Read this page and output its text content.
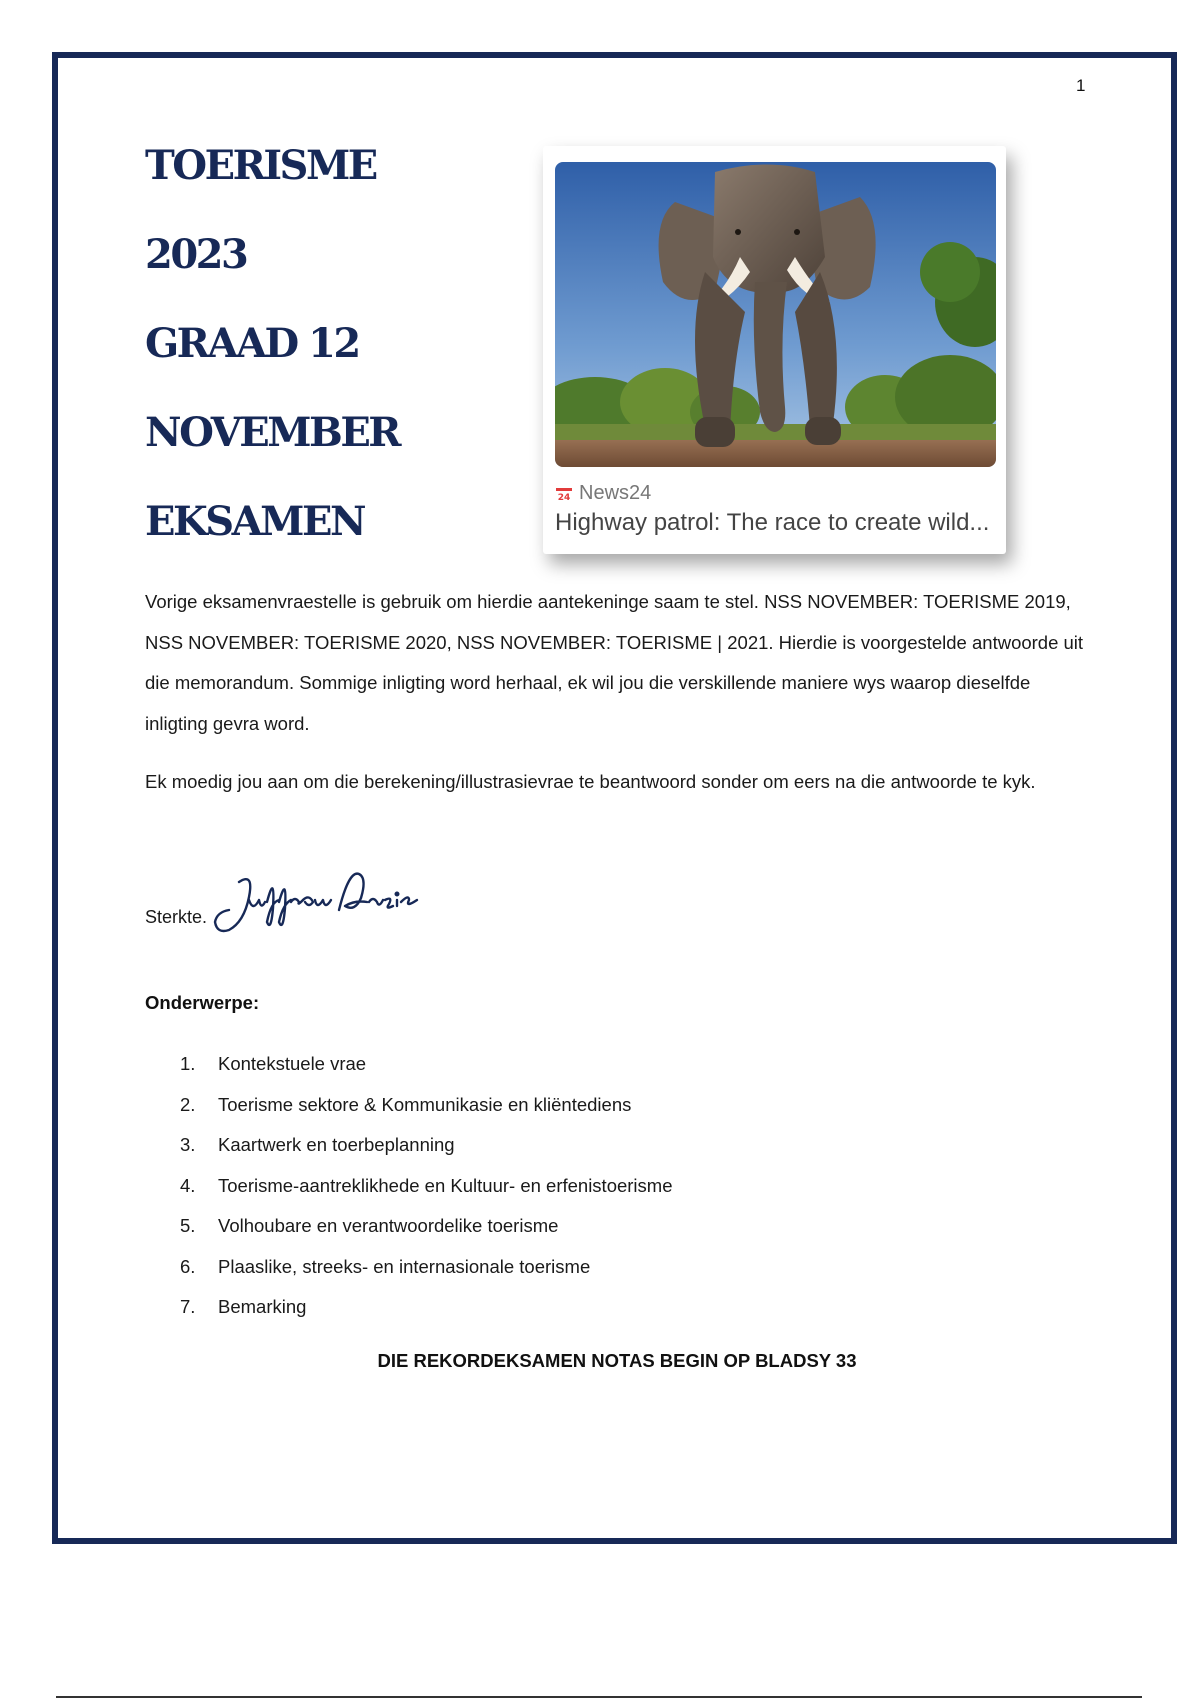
1
TOERISME
2023
GRAAD 12
NOVEMBER
EKSAMEN
24 News24
Highway patrol: The race to create wild...

Vorige eksamenvraestelle is gebruik om hierdie aantekeninge saam te stel. NSS NOVEMBER: TOERISME 2019, NSS NOVEMBER: TOERISME 2020, NSS NOVEMBER: TOERISME | 2021. Hierdie is voorgestelde antwoorde uit die memorandum. Sommige inligting word herhaal, ek wil jou die verskillende maniere wys waarop dieselfde inligting gevra word.

Ek moedig jou aan om die berekening/illustrasievrae te beantwoord sonder om eers na die antwoorde te kyk.

Sterkte.
Onderwerpe:
1.	Kontekstuele vrae
2.	Toerisme sektore & Kommunikasie en kliëntediens
3.	Kaartwerk en toerbeplanning
4.	Toerisme-aantreklikhede en Kultuur- en erfenistoerisme
5.	Volhoubare en verantwoordelike toerisme
6.	Plaaslike, streeks- en internasionale toerisme
7.	Bemarking
DIE REKORDEKSAMEN NOTAS BEGIN OP BLADSY 33
